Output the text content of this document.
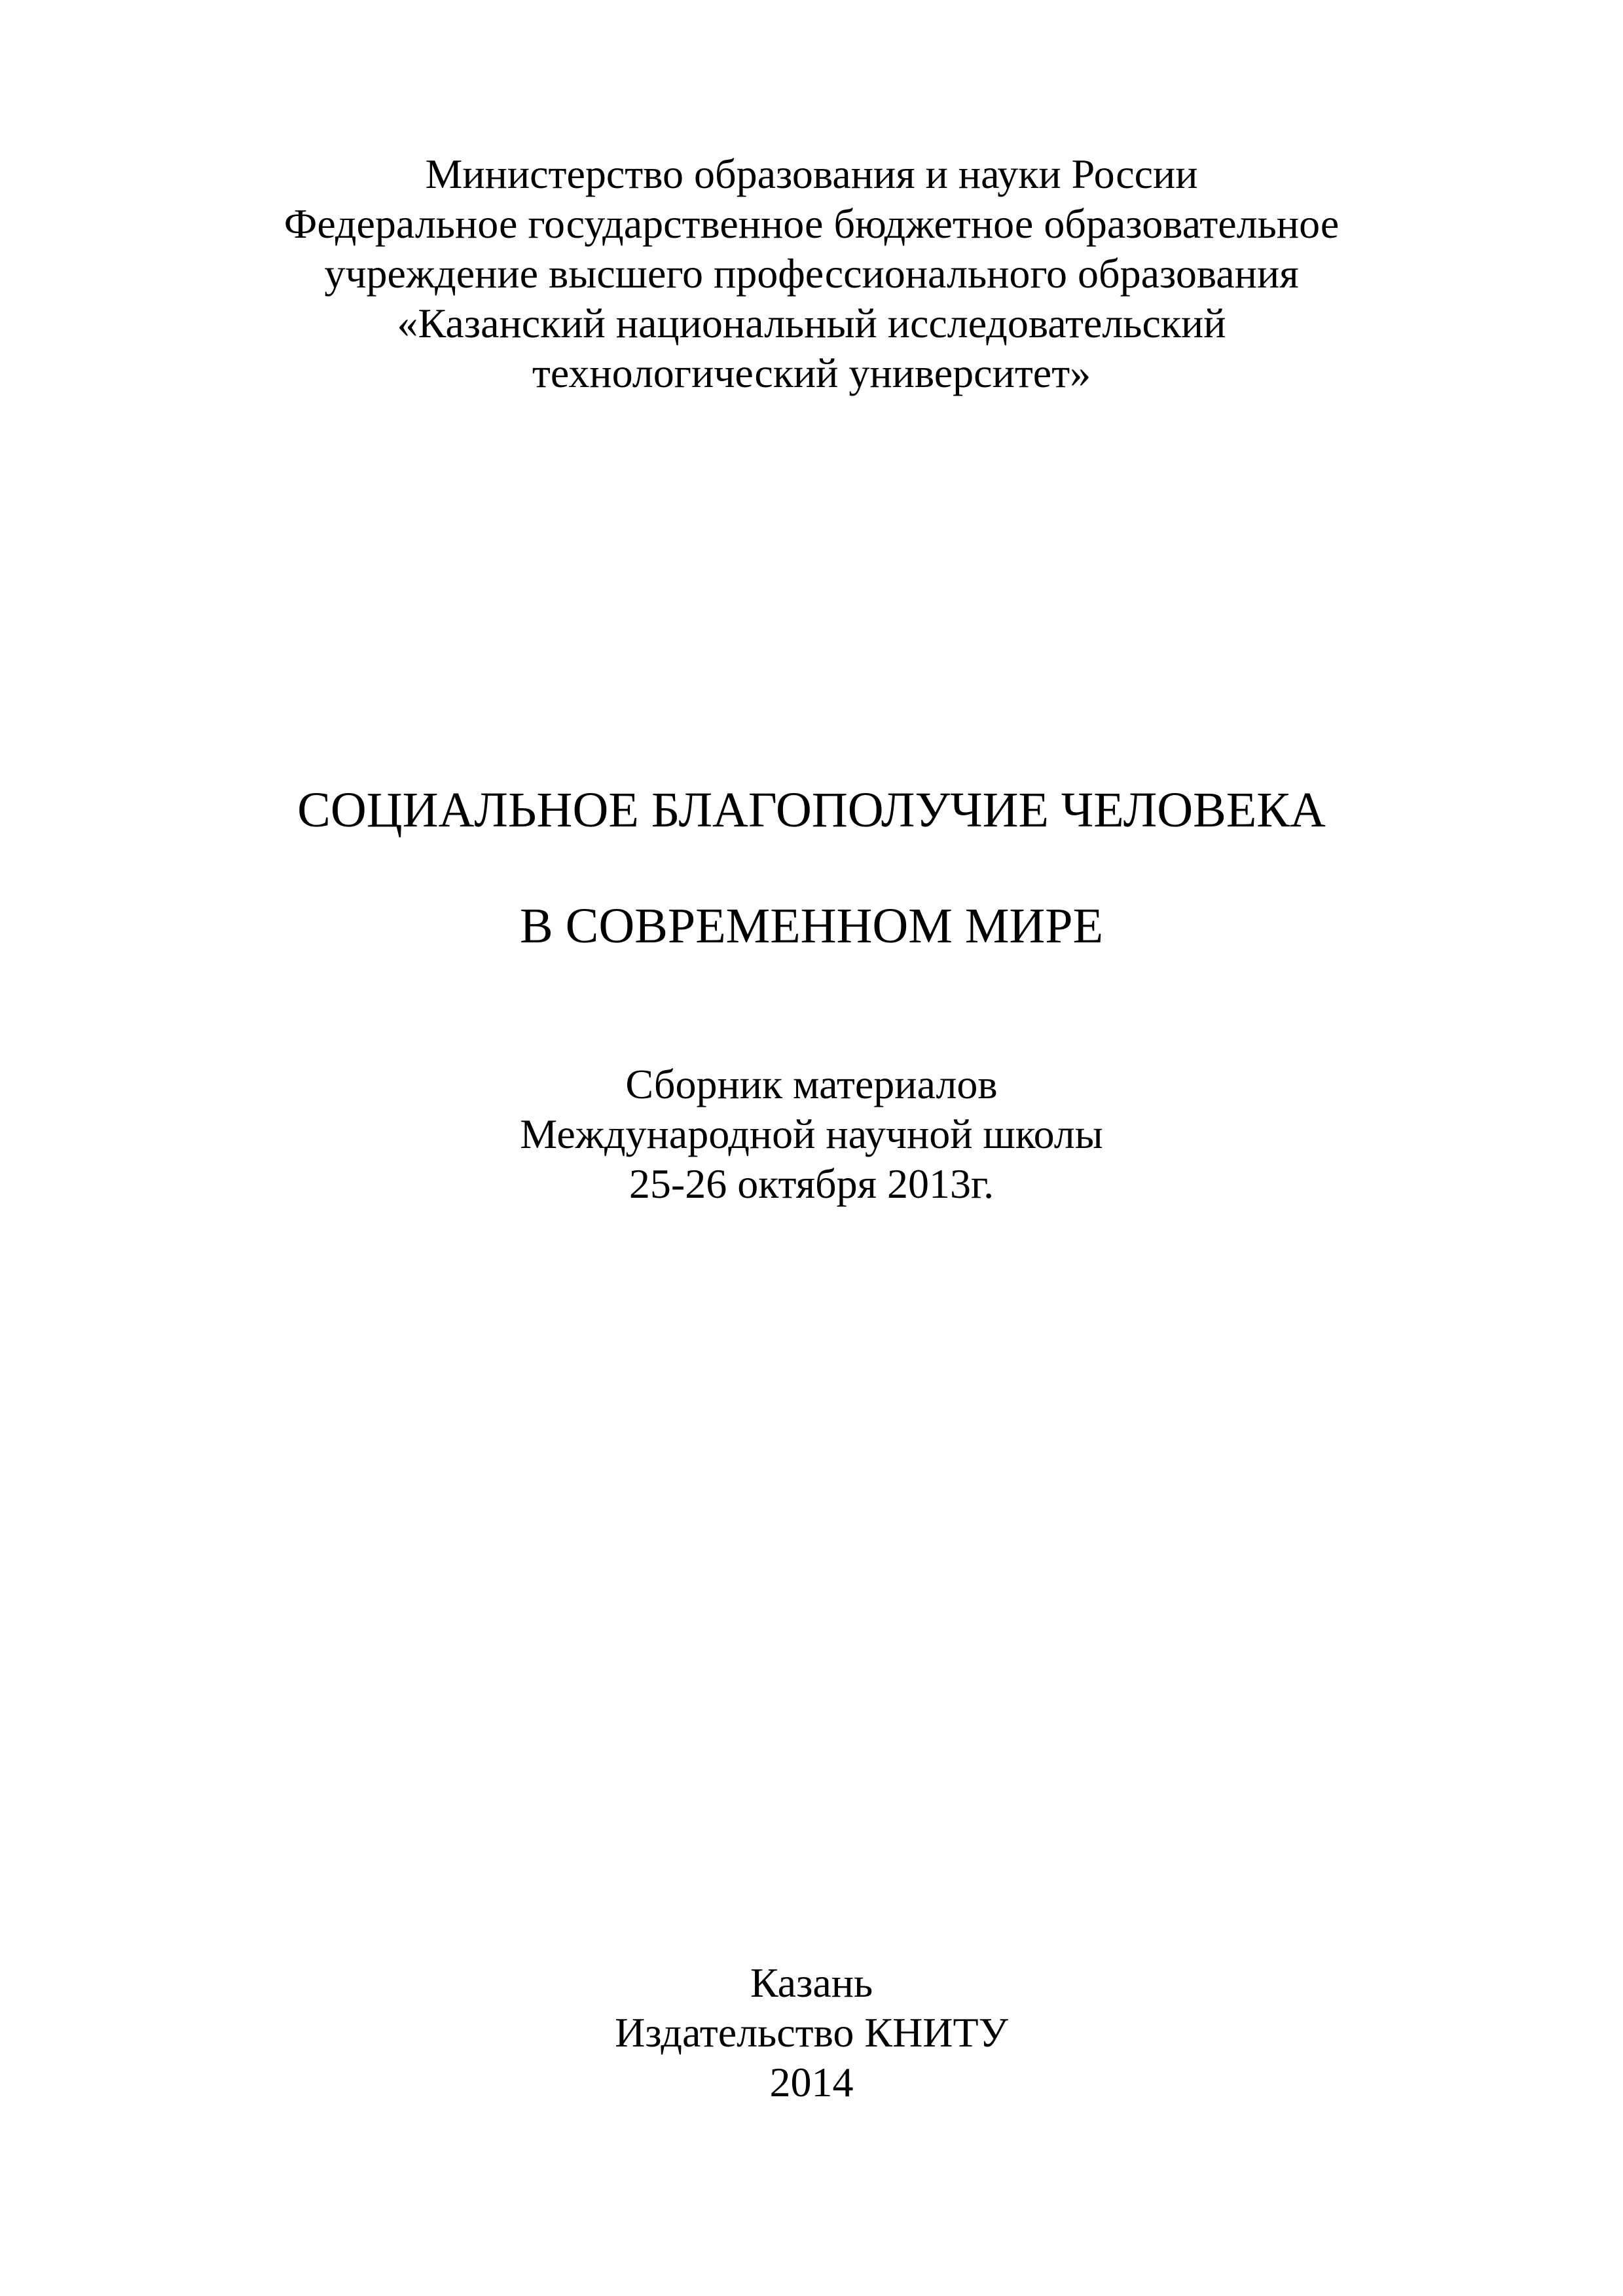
Министерство образования и науки России
Федеральное государственное бюджетное образовательное
учреждение высшего профессионального образования
«Казанский национальный исследовательский
технологический университет»
СОЦИАЛЬНОЕ БЛАГОПОЛУЧИЕ ЧЕЛОВЕКА
В СОВРЕМЕННОМ МИРЕ
Сборник материалов
Международной научной школы
25-26 октября 2013г.
Казань
Издательство КНИТУ
2014
